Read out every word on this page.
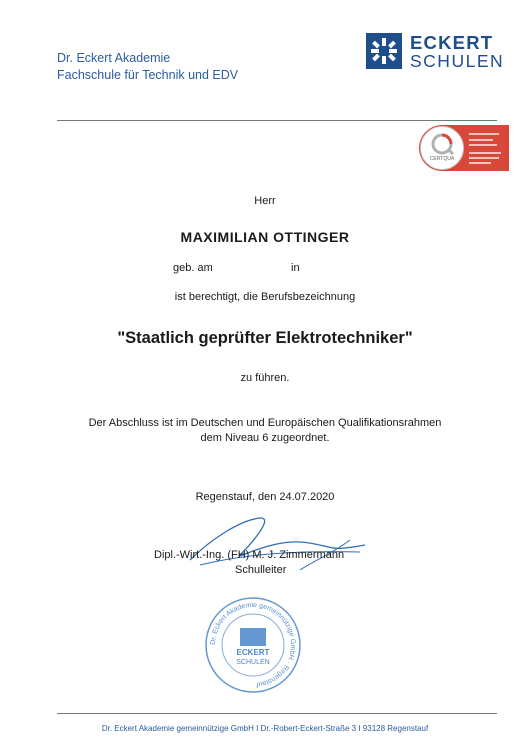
Dr. Eckert Akademie
Fachschule für Technik und EDV
ECKERT
SCHULEN
CERTQUA
Herr
MAXIMILIAN OTTINGER
geb. am	in
ist berechtigt, die Berufsbezeichnung
"Staatlich geprüfter Elektrotechniker"
zu führen.
Der Abschluss ist im Deutschen und Europäischen Qualifikationsrahmen
dem Niveau 6 zugeordnet.
Regenstauf, den 24.07.2020
Dipl.-Wirt.-Ing. (FH) M. J. Zimmermann
Schulleiter
Dr. Eckert Akademie gemeinnützige GmbH · Regenstauf
ECKERT
SCHULEN
Dr. Eckert Akademie gemeinnützige GmbH I Dr.-Robert-Eckert-Straße 3 I 93128 Regenstauf
